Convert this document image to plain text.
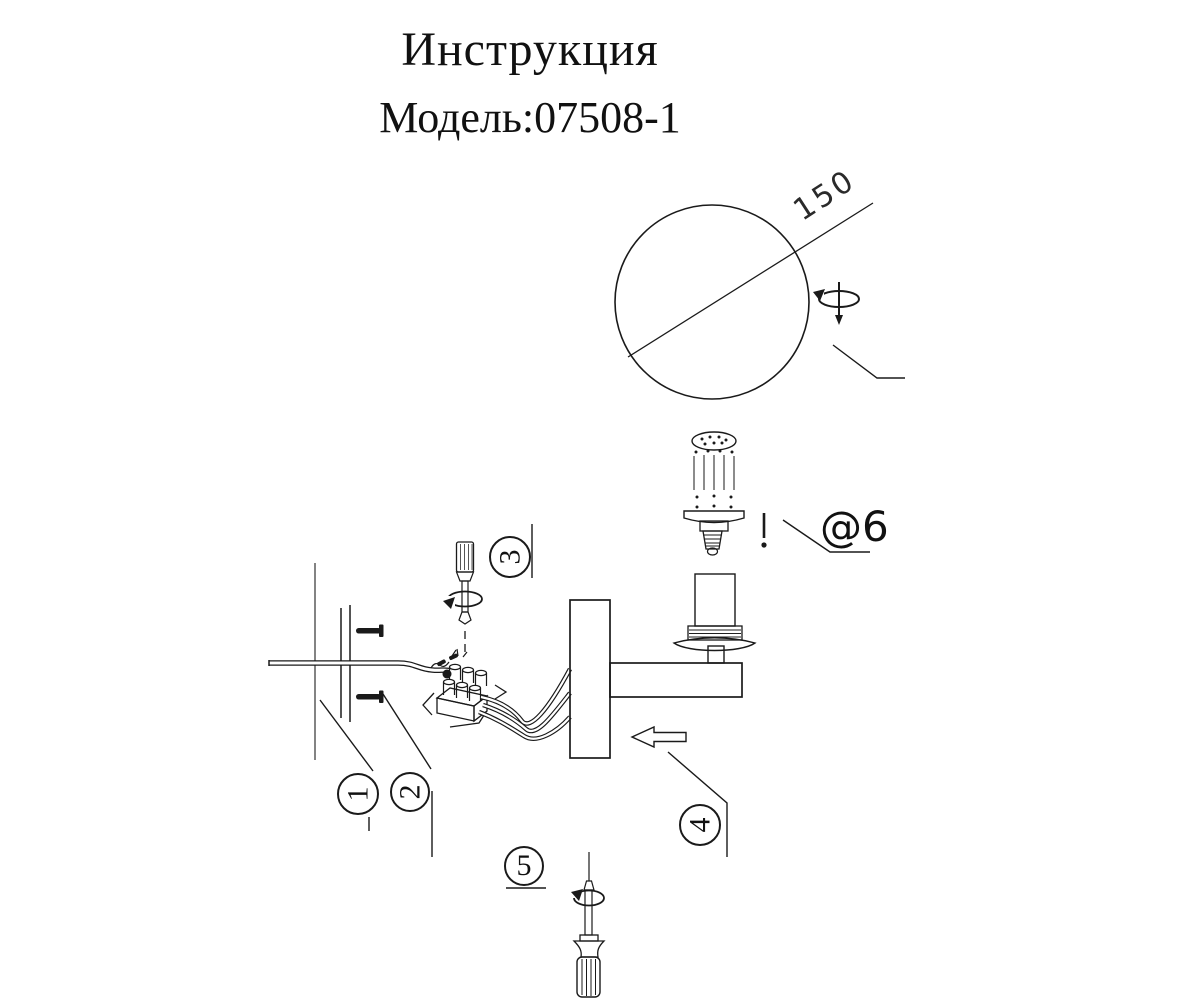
Инструкция
Модель:07508-1
150
@6
1 2
3
4
5
